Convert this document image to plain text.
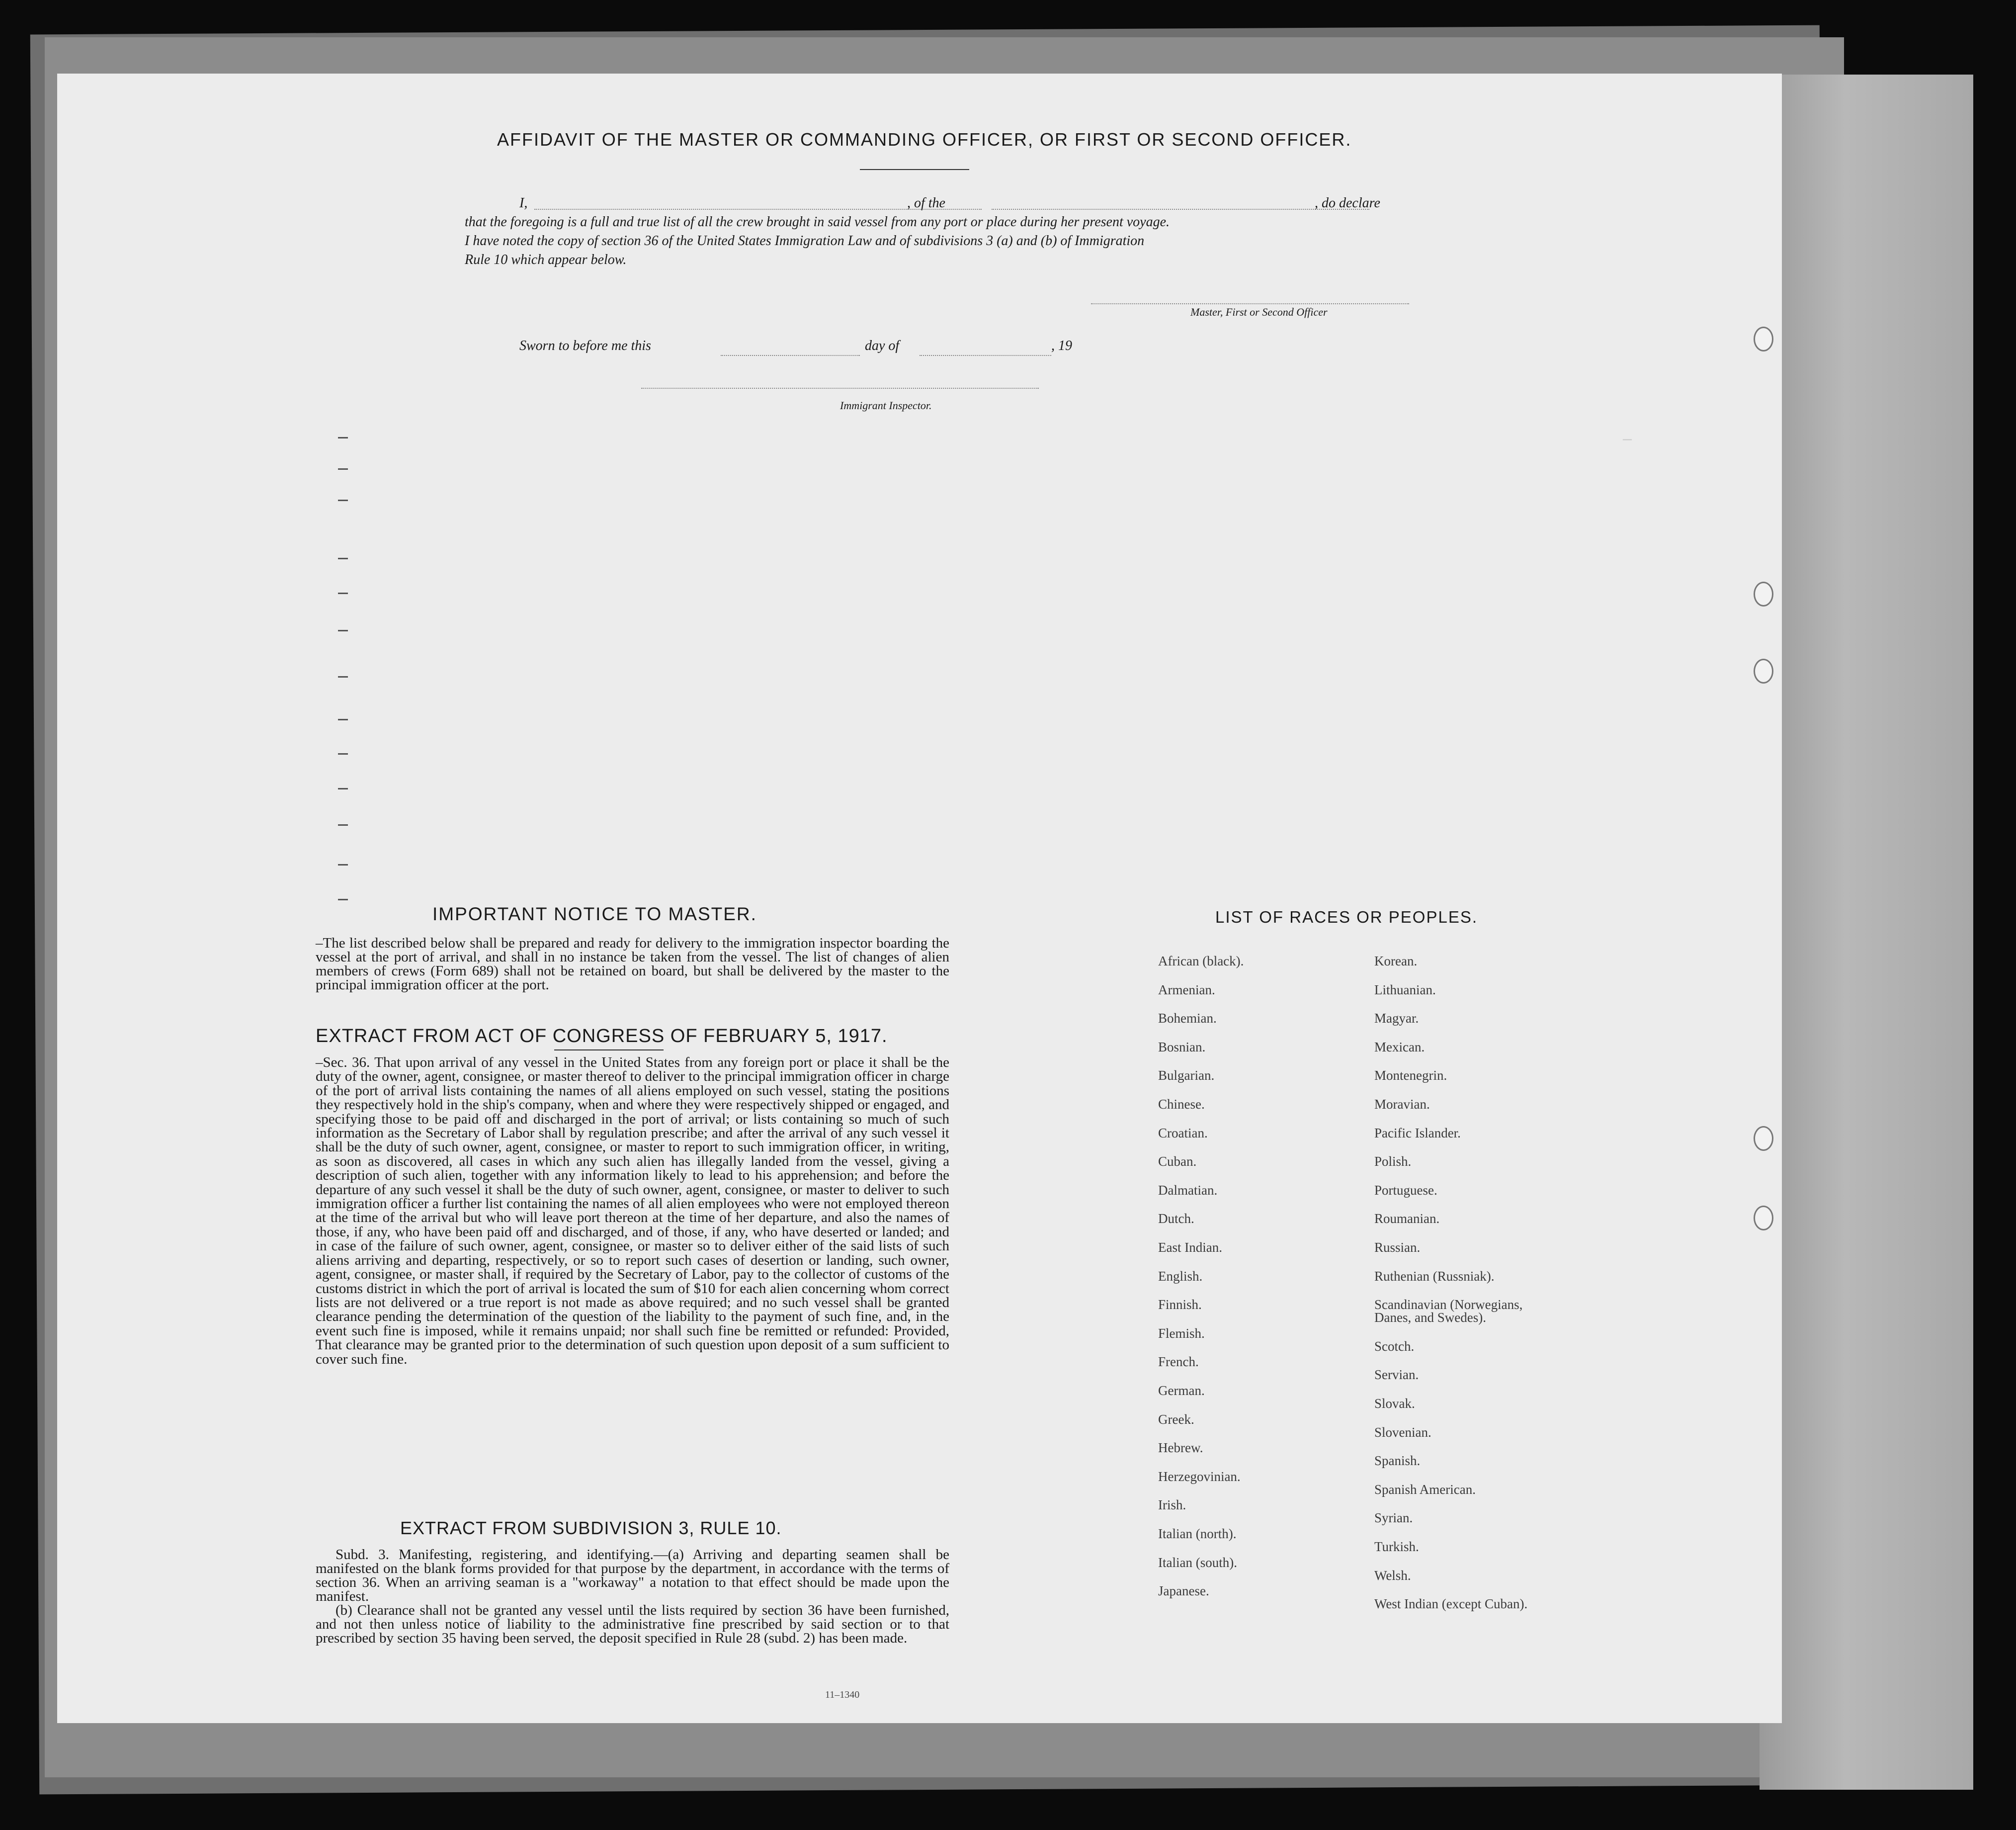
—
AFFIDAVIT OF THE MASTER OR COMMANDING OFFICER, OR FIRST OR SECOND OFFICER.
I,	, of the	, do declare
that the foregoing is a full and true list of all the crew brought in said vessel from any port or place during her present voyage.
I have noted the copy of section 36 of the United States Immigration Law and of subdivisions 3 (a) and (b) of Immigration
Rule 10 which appear below.
Master, First or Second Officer
Sworn to before me this	day of	, 19
Immigrant Inspector.
IMPORTANT NOTICE TO MASTER.
–The list described below shall be prepared and ready for delivery to the immigration inspector boarding the vessel at the port of arrival, and shall in no instance be taken from the vessel. The list of changes of alien members of crews (Form 689) shall not be retained on board, but shall be delivered by the master to the principal immigration officer at the port.
EXTRACT FROM ACT OF CONGRESS OF FEBRUARY 5, 1917.
–Sec. 36. That upon arrival of any vessel in the United States from any foreign port or place it shall be the duty of the owner, agent, consignee, or master thereof to deliver to the principal immigration officer in charge of the port of arrival lists containing the names of all aliens employed on such vessel, stating the positions they respectively hold in the ship's company, when and where they were respectively shipped or engaged, and specifying those to be paid off and discharged in the port of arrival; or lists containing so much of such information as the Secretary of Labor shall by regulation prescribe; and after the arrival of any such vessel it shall be the duty of such owner, agent, consignee, or master to report to such immigration officer, in writing, as soon as discovered, all cases in which any such alien has illegally landed from the vessel, giving a description of such alien, together with any information likely to lead to his apprehension; and before the departure of any such vessel it shall be the duty of such owner, agent, consignee, or master to deliver to such immigration officer a further list containing the names of all alien employees who were not employed thereon at the time of the arrival but who will leave port thereon at the time of her departure, and also the names of those, if any, who have been paid off and discharged, and of those, if any, who have deserted or landed; and in case of the failure of such owner, agent, consignee, or master so to deliver either of the said lists of such aliens arriving and departing, respectively, or so to report such cases of desertion or landing, such owner, agent, consignee, or master shall, if required by the Secretary of Labor, pay to the collector of customs of the customs district in which the port of arrival is located the sum of $10 for each alien concerning whom correct lists are not delivered or a true report is not made as above required; and no such vessel shall be granted clearance pending the determination of the question of the liability to the payment of such fine, and, in the event such fine is imposed, while it remains unpaid; nor shall such fine be remitted or refunded: Provided, That clearance may be granted prior to the determination of such question upon deposit of a sum sufficient to cover such fine.
EXTRACT FROM SUBDIVISION 3, RULE 10.
Subd. 3. Manifesting, registering, and identifying.—(a) Arriving and departing seamen shall be manifested on the blank forms provided for that purpose by the department, in accordance with the terms of section 36. When an arriving seaman is a "workaway" a notation to that effect should be made upon the manifest.
(b) Clearance shall not be granted any vessel until the lists required by section 36 have been furnished, and not then unless notice of liability to the administrative fine prescribed by said section or to that prescribed by section 35 having been served, the deposit specified in Rule 28 (subd. 2) has been made.
11–1340
LIST OF RACES OR PEOPLES.
African (black).
Armenian.
Bohemian.
Bosnian.
Bulgarian.
Chinese.
Croatian.
Cuban.
Dalmatian.
Dutch.
East Indian.
English.
Finnish.
Flemish.
French.
German.
Greek.
Hebrew.
Herzegovinian.
Irish.
Italian (north).
Italian (south).
Japanese.
Korean.
Lithuanian.
Magyar.
Mexican.
Montenegrin.
Moravian.
Pacific Islander.
Polish.
Portuguese.
Roumanian.
Russian.
Ruthenian (Russniak).
Scandinavian (Norwegians,
Danes, and Swedes).
Scotch.
Servian.
Slovak.
Slovenian.
Spanish.
Spanish American.
Syrian.
Turkish.
Welsh.
West Indian (except Cuban).
